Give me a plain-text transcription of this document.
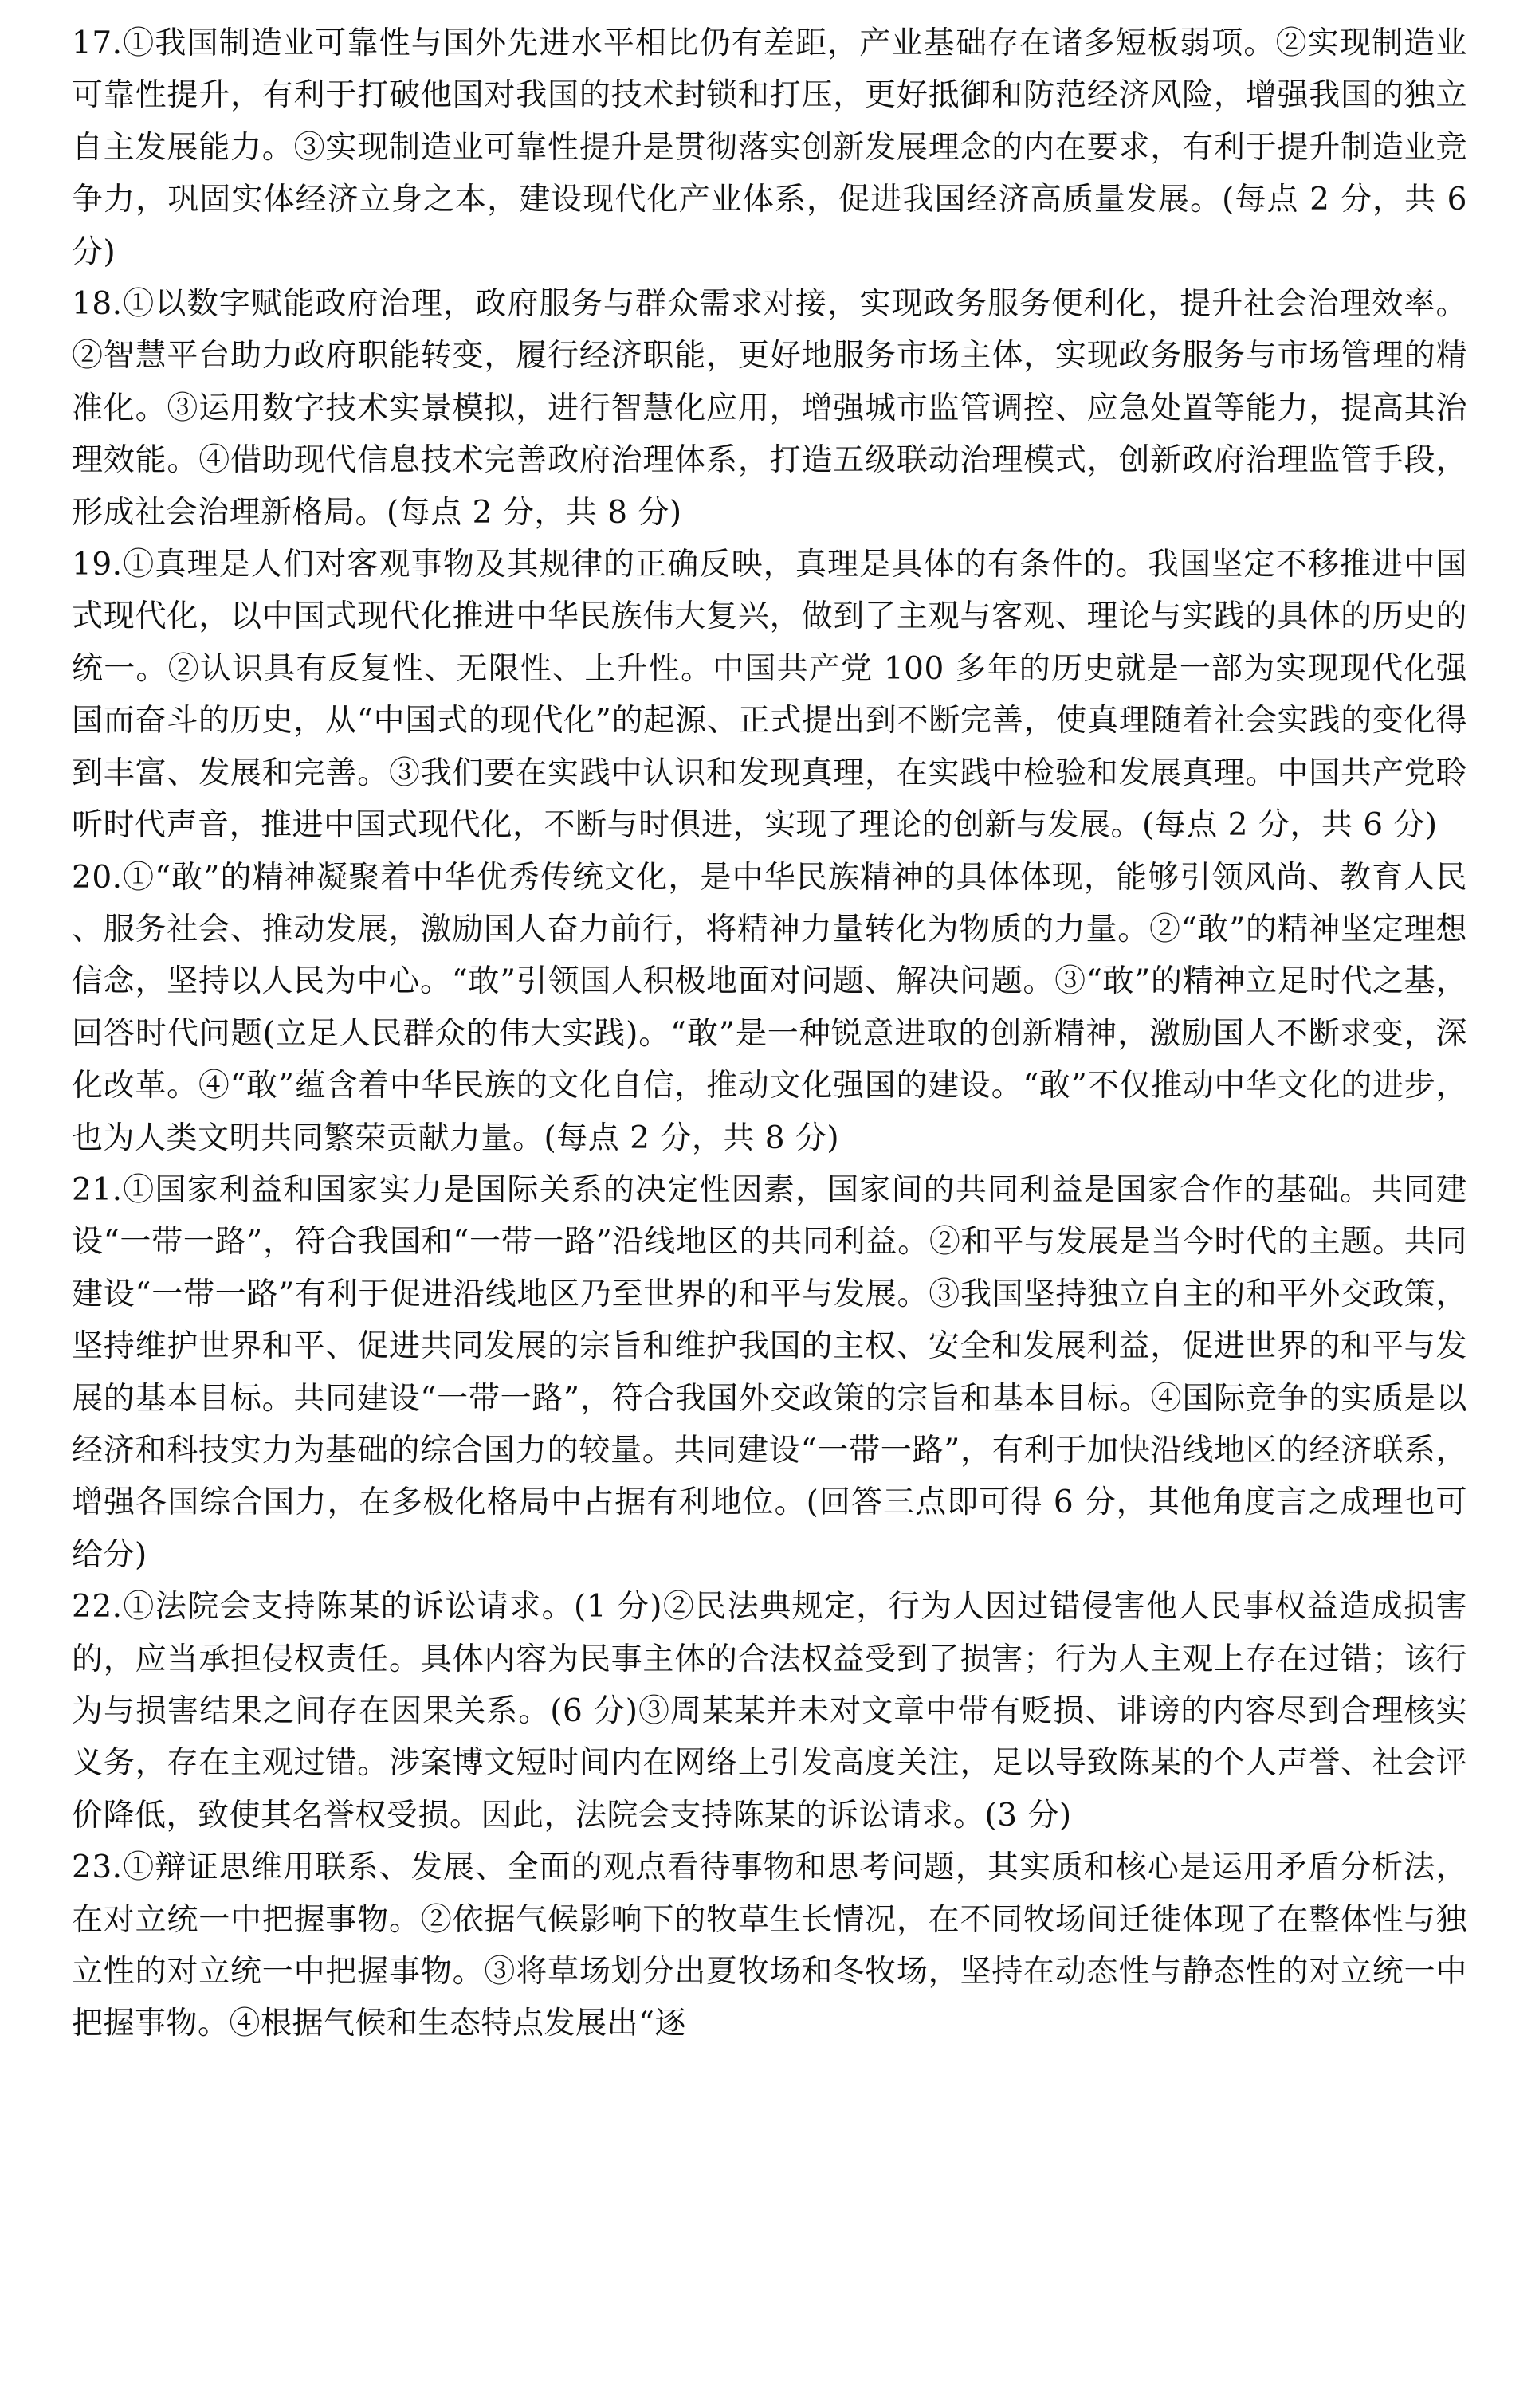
17.①我国制造业可靠性与国外先进水平相比仍有差距，产业基础存在诸多短板弱项。②实现制造业可靠性提升，有利于打破他国对我国的技术封锁和打压，更好抵御和防范经济风险，增强我国的独立自主发展能力。③实现制造业可靠性提升是贯彻落实创新发展理念的内在要求，有利于提升制造业竞争力，巩固实体经济立身之本，建设现代化产业体系，促进我国经济高质量发展。(每点 2 分，共 6 分)

18.①以数字赋能政府治理，政府服务与群众需求对接，实现政务服务便利化，提升社会治理效率。②智慧平台助力政府职能转变，履行经济职能，更好地服务市场主体，实现政务服务与市场管理的精准化。③运用数字技术实景模拟，进行智慧化应用，增强城市监管调控、应急处置等能力，提高其治理效能。④借助现代信息技术完善政府治理体系，打造五级联动治理模式，创新政府治理监管手段，形成社会治理新格局。(每点 2 分，共 8 分)

19.①真理是人们对客观事物及其规律的正确反映，真理是具体的有条件的。我国坚定不移推进中国式现代化，以中国式现代化推进中华民族伟大复兴，做到了主观与客观、理论与实践的具体的历史的统一。②认识具有反复性、无限性、上升性。中国共产党 100 多年的历史就是一部为实现现代化强国而奋斗的历史，从“中国式的现代化”的起源、正式提出到不断完善，使真理随着社会实践的变化得到丰富、发展和完善。③我们要在实践中认识和发现真理，在实践中检验和发展真理。中国共产党聆听时代声音，推进中国式现代化，不断与时俱进，实现了理论的创新与发展。(每点 2 分，共 6 分)

20.①“敢”的精神凝聚着中华优秀传统文化，是中华民族精神的具体体现，能够引领风尚、教育人民、服务社会、推动发展，激励国人奋力前行，将精神力量转化为物质的力量。②“敢”的精神坚定理想信念，坚持以人民为中心。“敢”引领国人积极地面对问题、解决问题。③“敢”的精神立足时代之基，回答时代问题(立足人民群众的伟大实践)。“敢”是一种锐意进取的创新精神，激励国人不断求变，深化改革。④“敢”蕴含着中华民族的文化自信，推动文化强国的建设。“敢”不仅推动中华文化的进步，也为人类文明共同繁荣贡献力量。(每点 2 分，共 8 分)

21.①国家利益和国家实力是国际关系的决定性因素，国家间的共同利益是国家合作的基础。共同建设“一带一路”，符合我国和“一带一路”沿线地区的共同利益。②和平与发展是当今时代的主题。共同建设“一带一路”有利于促进沿线地区乃至世界的和平与发展。③我国坚持独立自主的和平外交政策，坚持维护世界和平、促进共同发展的宗旨和维护我国的主权、安全和发展利益，促进世界的和平与发展的基本目标。共同建设“一带一路”，符合我国外交政策的宗旨和基本目标。④国际竞争的实质是以经济和科技实力为基础的综合国力的较量。共同建设“一带一路”，有利于加快沿线地区的经济联系，增强各国综合国力，在多极化格局中占据有利地位。(回答三点即可得 6 分，其他角度言之成理也可给分)

22.①法院会支持陈某的诉讼请求。(1 分)②民法典规定，行为人因过错侵害他人民事权益造成损害的，应当承担侵权责任。具体内容为民事主体的合法权益受到了损害；行为人主观上存在过错；该行为与损害结果之间存在因果关系。(6 分)③周某某并未对文章中带有贬损、诽谤的内容尽到合理核实义务，存在主观过错。涉案博文短时间内在网络上引发高度关注，足以导致陈某的个人声誉、社会评价降低，致使其名誉权受损。因此，法院会支持陈某的诉讼请求。(3 分)

23.①辩证思维用联系、发展、全面的观点看待事物和思考问题，其实质和核心是运用矛盾分析法，在对立统一中把握事物。②依据气候影响下的牧草生长情况，在不同牧场间迁徙体现了在整体性与独立性的对立统一中把握事物。③将草场划分出夏牧场和冬牧场，坚持在动态性与静态性的对立统一中把握事物。④根据气候和生态特点发展出“逐
